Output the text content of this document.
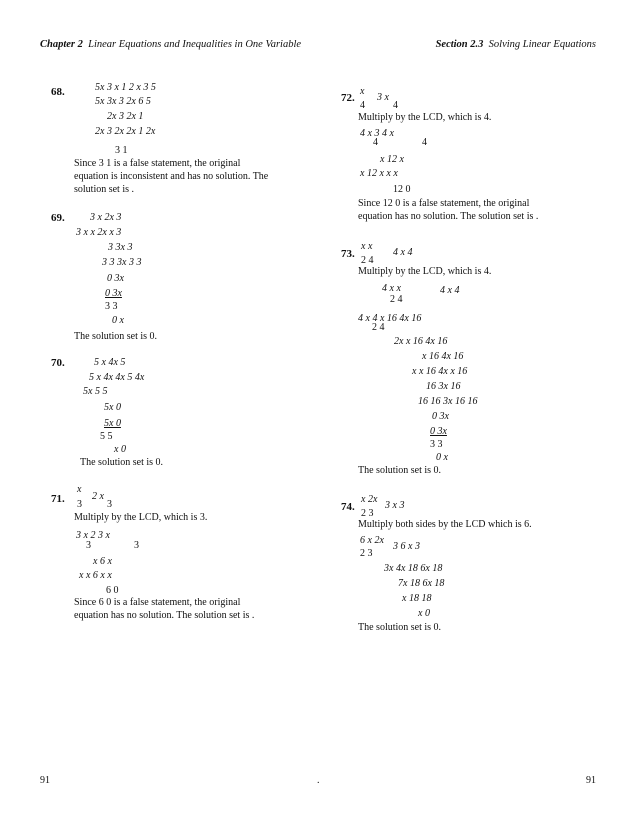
Chapter 2 Linear Equations and Inequalities in One Variable	Section 2.3 Solving Linear Equations
68.	5x 3 x 1 2 x 3 5
5x 3x 3 2x 6 5
2x 3 2x 1
2x 3 2x 2x 1 2x
3 1
Since 3 1 is a false statement, the original
equation is inconsistent and has no solution. The
solution set is .
69.	3 x 2x 3
3 x x 2x x 3
3 3x 3
3 3 3x 3 3
0 3x
0 3x
3 3
0 x
The solution set is 0.
70.	5 x 4x 5
5 x 4x 4x 5 4x
5x 5 5
5x 0
5x 0
5 5
x 0
The solution set is 0.
71.
x
2 x
3	3
Multiply by the LCD, which is 3.
3 x 2 3 x
3	3
x 6 x
x x 6 x x
6 0
Since 6 0 is a false statement, the original
equation has no solution. The solution set is .
72.
x
3 x
4	4
Multiply by the LCD, which is 4.
4 x 3 4 x
4	4
x 12 x
x 12 x x x
12 0
Since 12 0 is a false statement, the original
equation has no solution. The solution set is .
73.
x x
4 x 4
2 4
Multiply by the LCD, which is 4.
4 x x	4 x 4
2 4
4 x 4 x 16 4x 16
2 4
2x x 16 4x 16
x 16 4x 16
x x 16 4x x 16
16 3x 16
16 16 3x 16 16
0 3x
0 3x
3 3
0 x
The solution set is 0.
74.
x 2x
3 x 3
2 3
Multiply both sides by the LCD which is 6.
6 x 2x
3 6 x 3
2 3
3x 4x 18 6x 18
7x 18 6x 18
x 18 18
x 0
The solution set is 0.
91	.	91
